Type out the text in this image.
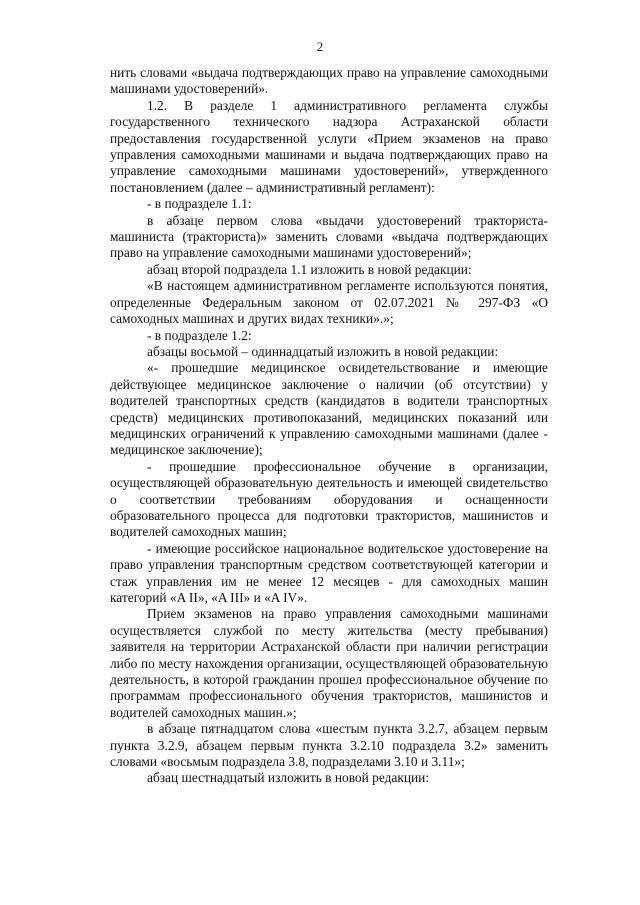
2

нить словами «выдача подтверждающих право на управление самоходными машинами удостоверений».

1.2. В разделе 1 административного регламента службы государственного технического надзора Астраханской области предоставления государственной услуги «Прием экзаменов на право управления самоходными машинами и выдача подтверждающих право на управление самоходными машинами удостоверений», утвержденного постановлением (далее – административный регламент):

- в подразделе 1.1:

в абзаце первом слова «выдачи удостоверений тракториста-машиниста (тракториста)» заменить словами «выдача подтверждающих право на управление самоходными машинами удостоверений»;

абзац второй подраздела 1.1 изложить в новой редакции:

«В настоящем административном регламенте используются понятия, определенные Федеральным законом от 02.07.2021 № 297-ФЗ «О самоходных машинах и других видах техники».»;

- в подразделе 1.2:

абзацы восьмой – одиннадцатый изложить в новой редакции:

«- прошедшие медицинское освидетельствование и имеющие действующее медицинское заключение о наличии (об отсутствии) у водителей транспортных средств (кандидатов в водители транспортных средств) медицинских противопоказаний, медицинских показаний или медицинских ограничений к управлению самоходными машинами (далее - медицинское заключение);

- прошедшие профессиональное обучение в организации, осуществляющей образовательную деятельность и имеющей свидетельство о соответствии требованиям оборудования и оснащенности образовательного процесса для подготовки трактористов, машинистов и водителей самоходных машин;

- имеющие российское национальное водительское удостоверение на право управления транспортным средством соответствующей категории и стаж управления им не менее 12 месяцев - для самоходных машин категорий «A II», «A III» и «A IV».

Прием экзаменов на право управления самоходными машинами осуществляется службой по месту жительства (месту пребывания) заявителя на территории Астраханской области при наличии регистрации либо по месту нахождения организации, осуществляющей образовательную деятельность, в которой гражданин прошел профессиональное обучение по программам профессионального обучения трактористов, машинистов и водителей самоходных машин.»;

в абзаце пятнадцатом слова «шестым пункта 3.2.7, абзацем первым пункта 3.2.9, абзацем первым пункта 3.2.10 подраздела 3.2» заменить словами «восьмым подраздела 3.8, подразделами 3.10 и 3.11»;

абзац шестнадцатый изложить в новой редакции:
